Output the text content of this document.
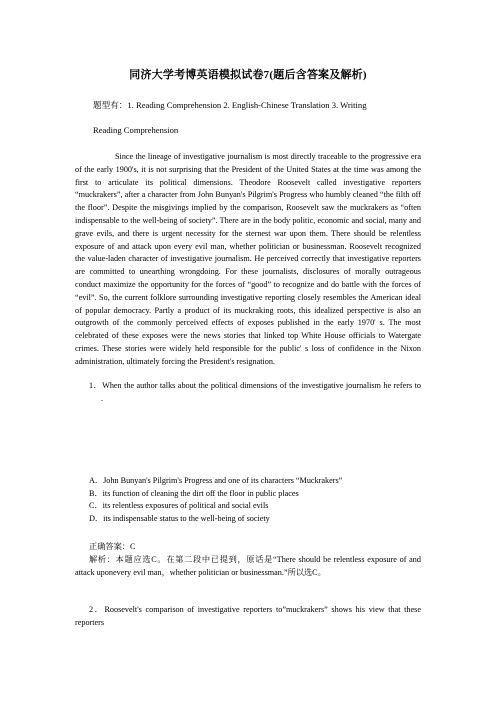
同济大学考博英语模拟试卷7(题后含答案及解析)
题型有：1. Reading Comprehension 2. English-Chinese Translation 3. Writing
Reading Comprehension

Since the lineage of investigative journalism is most directly traceable to the progressive era of the early 1900's, it is not surprising that the President of the United States at the time was among the first to articulate its political dimensions. Theodore Roosevelt called investigative reporters “muckrakers”, after a character from John Bunyan's Pilgrim's Progress who humbly cleaned “the filth off the floor”. Despite the misgivings implied by the comparison, Roosevelt saw the muckrakers as “often indispensable to the well-being of society”. There are in the body politic, economic and social, many and grave evils, and there is urgent necessity for the sternest war upon them. There should be relentless exposure of and attack upon every evil man, whether politician or businessman. Roosevelt recognized the value-laden character of investigative journalism. He perceived correctly that investigative reporters are committed to unearthing wrongdoing. For these journalists, disclosures of morally outrageous conduct maximize the opportunity for the forces of “good” to recognize and do battle with the forces of “evil”. So, the current folklore surrounding investigative reporting closely resembles the American ideal of popular democracy. Partly a product of its muckraking roots, this idealized perspective is also an outgrowth of the commonly perceived effects of exposes published in the early 1970' s. The most celebrated of these exposes were the news stories that linked top White House officials to Watergate crimes. These stories were widely held responsible for the public' s loss of confidence in the Nixon administration, ultimately forcing the President's resignation.

1．When the author talks about the political dimensions of the investigative journalism he refers to.

A．John Bunyan's Pilgrim's Progress and one of its characters “Muckrakers”
B．its function of cleaning the dirt off the floor in public places
C．its relentless exposures of political and social evils
D．its indispensable status to the well-being of society
正确答案：C

解析：本题应选C。在第二段中已提到，原话是“There should be relentless exposure of and attack uponevery evil man，whether politician or businessman.”所以选C。

2．Roosevelt's comparison of investigative reporters to”muckrakers” shows his view that these reporters
